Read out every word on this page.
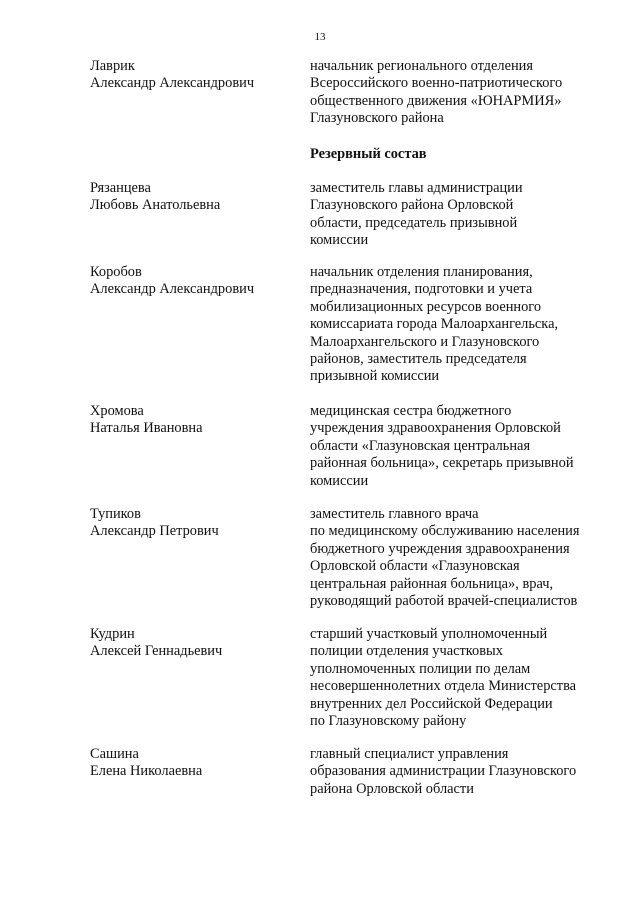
13
Лаврик
Александр Александрович
начальник регионального отделения
Всероссийского военно-патриотического
общественного движения «ЮНАРМИЯ»
Глазуновского района
Резервный состав
Рязанцева
Любовь Анатольевна
заместитель главы администрации
Глазуновского района Орловской
области, председатель призывной
комиссии
Коробов
Александр Александрович
начальник отделения планирования,
предназначения, подготовки и учета
мобилизационных ресурсов военного
комиссариата города Малоархангельска,
Малоархангельского и Глазуновского
районов, заместитель председателя
призывной комиссии
Хромова
Наталья Ивановна
медицинская сестра бюджетного
учреждения здравоохранения Орловской
области «Глазуновская центральная
районная больница», секретарь призывной
комиссии
Тупиков
Александр Петрович
заместитель главного врача
по медицинскому обслуживанию населения
бюджетного учреждения здравоохранения
Орловской области «Глазуновская
центральная районная больница», врач,
руководящий работой врачей-специалистов
Кудрин
Алексей Геннадьевич
старший участковый уполномоченный
полиции отделения участковых
уполномоченных полиции по делам
несовершеннолетних отдела Министерства
внутренних дел Российской Федерации
по Глазуновскому району
Сашина
Елена Николаевна
главный специалист управления
образования администрации Глазуновского
района Орловской области
